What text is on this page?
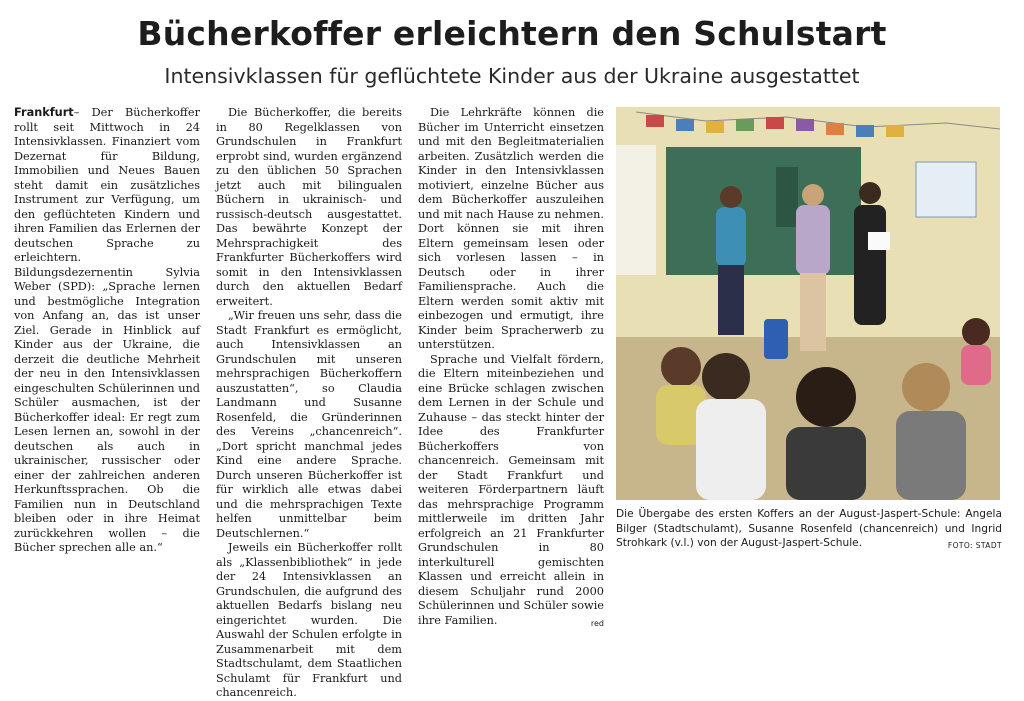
Bücherkoffer erleichtern den Schulstart
Intensivklassen für geflüchtete Kinder aus der Ukraine ausgestattet

Frankfurt– Der Bücherkoffer rollt seit Mittwoch in 24 Intensivklassen. Finanziert vom Dezernat für Bildung, Immobilien und Neues Bauen steht damit ein zusätzliches Instrument zur Verfügung, um den geflüchteten Kindern und ihren Familien das Erlernen der deutschen Sprache zu erleichtern. Bildungsdezernentin Sylvia Weber (SPD): „Sprache lernen und bestmögliche Integration von Anfang an, das ist unser Ziel. Gerade in Hinblick auf Kinder aus der Ukraine, die derzeit die deutliche Mehrheit der neu in den Intensivklassen eingeschulten Schülerinnen und Schüler ausmachen, ist der Bücherkoffer ideal: Er regt zum Lesen lernen an, sowohl in der deutschen als auch in ukrainischer, russischer oder einer der zahlreichen anderen Herkunftssprachen. Ob die Familien nun in Deutschland bleiben oder in ihre Heimat zurückkehren wollen – die Bücher sprechen alle an.“

Die Bücherkoffer, die bereits in 80 Regelklassen von Grundschulen in Frankfurt erprobt sind, wurden ergänzend zu den üblichen 50 Sprachen jetzt auch mit bilingualen Büchern in ukrainisch- und russisch-deutsch ausgestattet. Das bewährte Konzept der Mehrsprachigkeit des Frankfurter Bücherkoffers wird somit in den Intensivklassen durch den aktuellen Bedarf erweitert.

„Wir freuen uns sehr, dass die Stadt Frankfurt es ermöglicht, auch Intensivklassen an Grundschulen mit unseren mehrsprachigen Bücherkoffern auszustatten“, so Claudia Landmann und Susanne Rosenfeld, die Gründerinnen des Vereins „chancenreich“. „Dort spricht manchmal jedes Kind eine andere Sprache. Durch unseren Bücherkoffer ist für wirklich alle etwas dabei und die mehrsprachigen Texte helfen unmittelbar beim Deutschlernen.“

Jeweils ein Bücherkoffer rollt als „Klassenbibliothek“ in jede der 24 Intensivklassen an Grundschulen, die aufgrund des aktuellen Bedarfs bislang neu eingerichtet wurden. Die Auswahl der Schulen erfolgte in Zusammenarbeit mit dem Stadtschulamt, dem Staatlichen Schulamt für Frankfurt und chancenreich.

Die Lehrkräfte können die Bücher im Unterricht einsetzen und mit den Begleitmaterialien arbeiten. Zusätzlich werden die Kinder in den Intensivklassen motiviert, einzelne Bücher aus dem Bücherkoffer auszuleihen und mit nach Hause zu nehmen. Dort können sie mit ihren Eltern gemeinsam lesen oder sich vorlesen lassen – in Deutsch oder in ihrer Familiensprache. Auch die Eltern werden somit aktiv mit einbezogen und ermutigt, ihre Kinder beim Spracherwerb zu unterstützen.

Sprache und Vielfalt fördern, die Eltern miteinbeziehen und eine Brücke schlagen zwischen dem Lernen in der Schule und Zuhause – das steckt hinter der Idee des Frankfurter Bücherkoffers von chancenreich. Gemeinsam mit der Stadt Frankfurt und weiteren Förderpartnern läuft das mehrsprachige Programm mittlerweile im dritten Jahr erfolgreich an 21 Frankfurter Grundschulen in 80 interkulturell gemischten Klassen und erreicht allein in diesem Schuljahr rund 2000 Schülerinnen und Schüler sowie ihre Familien.	red

Die Übergabe des ersten Koffers an der August-Jaspert-Schule: Angela Bilger (Stadtschulamt), Susanne Rosenfeld (chancenreich) und Ingrid Strohkark (v.l.) von der August-Jaspert-Schule.	FOTO: STADT
